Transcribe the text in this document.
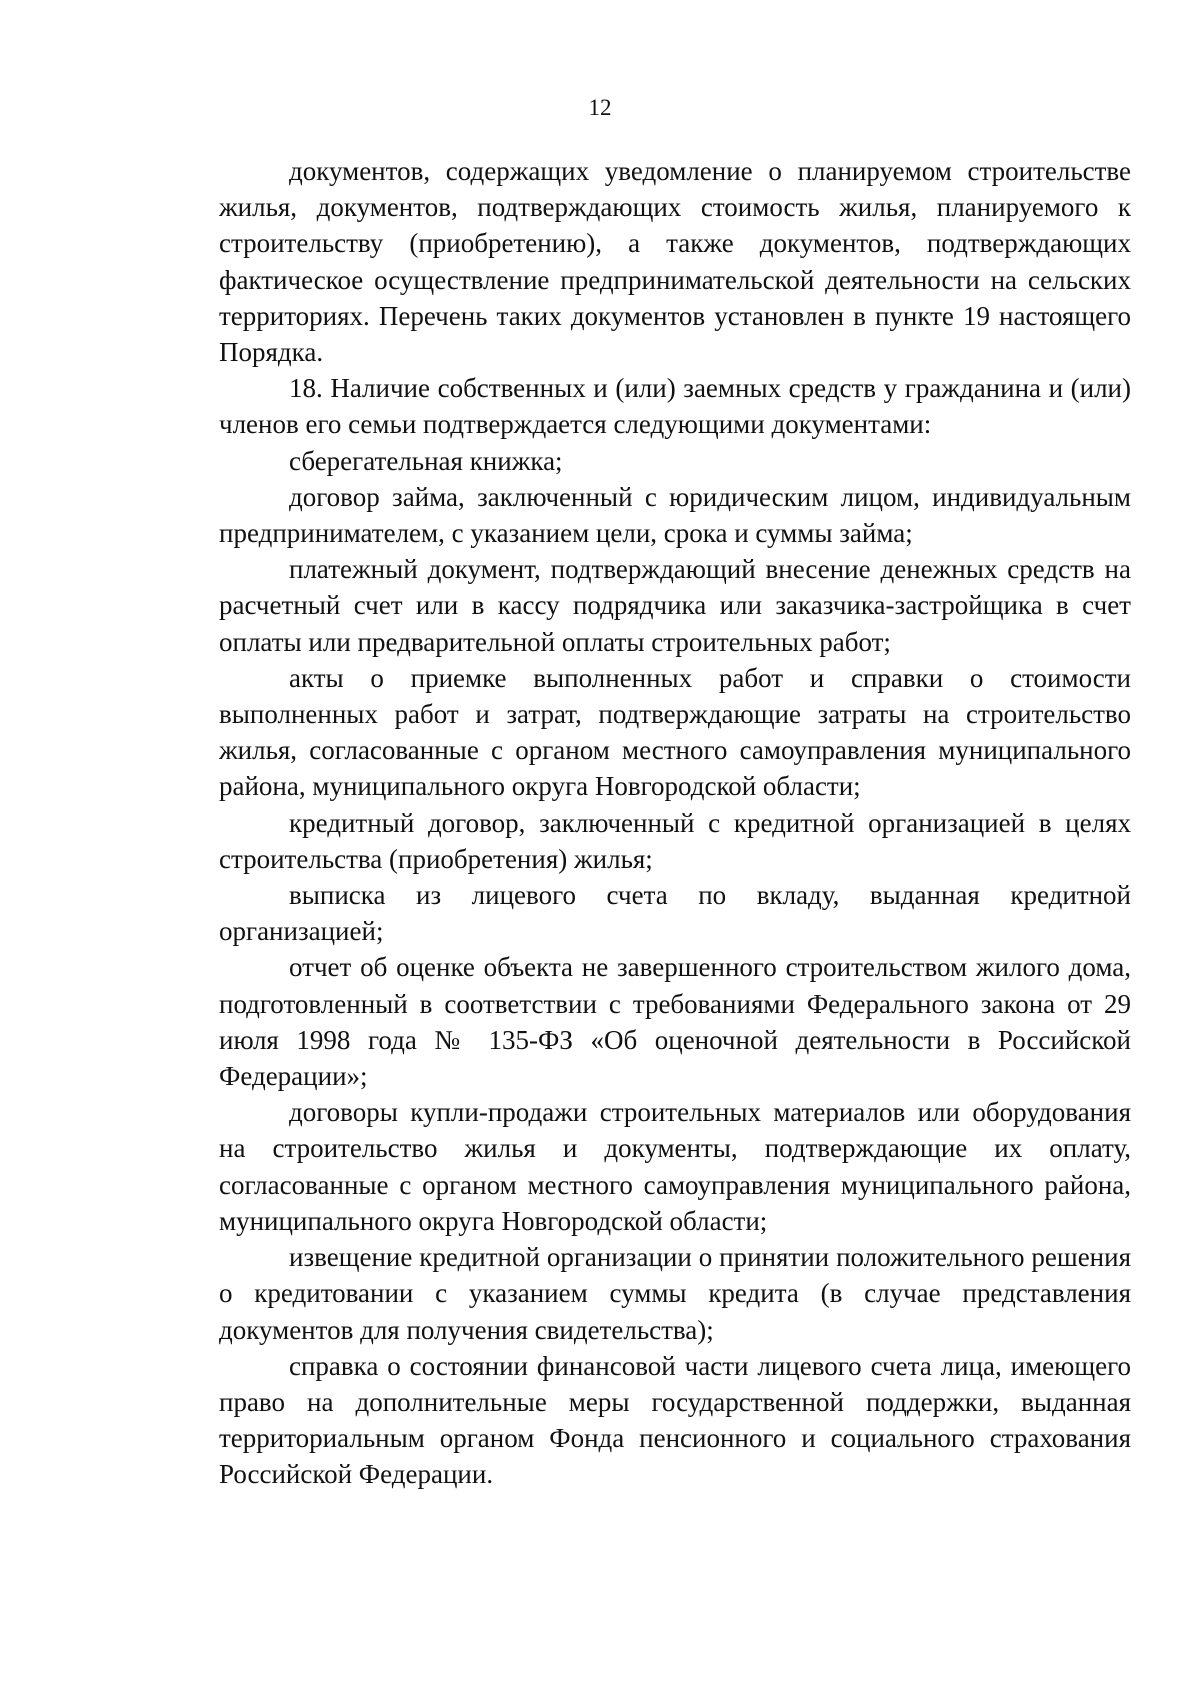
12

документов, содержащих уведомление о планируемом строительстве жилья, документов, подтверждающих стоимость жилья, планируемого к строительству (приобретению), а также документов, подтверждающих фактическое осуществление предпринимательской деятельности на сельских территориях. Перечень таких документов установлен в пункте 19 настоящего Порядка.

18. Наличие собственных и (или) заемных средств у гражданина и (или) членов его семьи подтверждается следующими документами:

сберегательная книжка;

договор займа, заключенный с юридическим лицом, индивидуальным предпринимателем, с указанием цели, срока и суммы займа;

платежный документ, подтверждающий внесение денежных средств на расчетный счет или в кассу подрядчика или заказчика-застройщика в счет оплаты или предварительной оплаты строительных работ;

акты о приемке выполненных работ и справки о стоимости выполненных работ и затрат, подтверждающие затраты на строительство жилья, согласованные с органом местного самоуправления муниципального района, муниципального округа Новгородской области;

кредитный договор, заключенный с кредитной организацией в целях строительства (приобретения) жилья;

выписка из лицевого счета по вкладу, выданная кредитной организацией;

отчет об оценке объекта не завершенного строительством жилого дома, подготовленный в соответствии с требованиями Федерального закона от 29 июля 1998 года № 135-ФЗ «Об оценочной деятельности в Российской Федерации»;

договоры купли-продажи строительных материалов или оборудования на строительство жилья и документы, подтверждающие их оплату, согласованные с органом местного самоуправления муниципального района, муниципального округа Новгородской области;

извещение кредитной организации о принятии положительного решения о кредитовании с указанием суммы кредита (в случае представления документов для получения свидетельства);

справка о состоянии финансовой части лицевого счета лица, имеющего право на дополнительные меры государственной поддержки, выданная территориальным органом Фонда пенсионного и социального страхования Российской Федерации.
